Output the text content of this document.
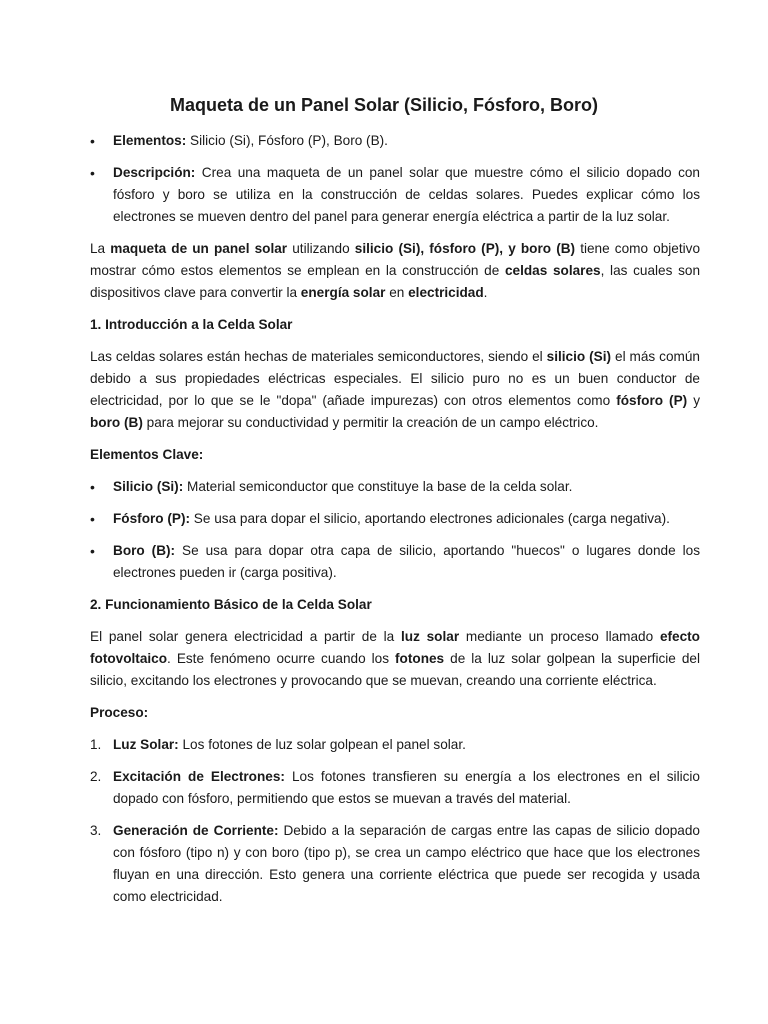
Maqueta de un Panel Solar (Silicio, Fósforo, Boro)
• Elementos: Silicio (Si), Fósforo (P), Boro (B).
• Descripción: Crea una maqueta de un panel solar que muestre cómo el silicio dopado con fósforo y boro se utiliza en la construcción de celdas solares. Puedes explicar cómo los electrones se mueven dentro del panel para generar energía eléctrica a partir de la luz solar.

La maqueta de un panel solar utilizando silicio (Si), fósforo (P), y boro (B) tiene como objetivo mostrar cómo estos elementos se emplean en la construcción de celdas solares, las cuales son dispositivos clave para convertir la energía solar en electricidad.

1. Introducción a la Celda Solar

Las celdas solares están hechas de materiales semiconductores, siendo el silicio (Si) el más común debido a sus propiedades eléctricas especiales. El silicio puro no es un buen conductor de electricidad, por lo que se le "dopa" (añade impurezas) con otros elementos como fósforo (P) y boro (B) para mejorar su conductividad y permitir la creación de un campo eléctrico.

Elementos Clave:
• Silicio (Si): Material semiconductor que constituye la base de la celda solar.
• Fósforo (P): Se usa para dopar el silicio, aportando electrones adicionales (carga negativa).
• Boro (B): Se usa para dopar otra capa de silicio, aportando "huecos" o lugares donde los electrones pueden ir (carga positiva).
2. Funcionamiento Básico de la Celda Solar

El panel solar genera electricidad a partir de la luz solar mediante un proceso llamado efecto fotovoltaico. Este fenómeno ocurre cuando los fotones de la luz solar golpean la superficie del silicio, excitando los electrones y provocando que se muevan, creando una corriente eléctrica.

Proceso:
1. Luz Solar: Los fotones de luz solar golpean el panel solar.
2. Excitación de Electrones: Los fotones transfieren su energía a los electrones en el silicio dopado con fósforo, permitiendo que estos se muevan a través del material.
3. Generación de Corriente: Debido a la separación de cargas entre las capas de silicio dopado con fósforo (tipo n) y con boro (tipo p), se crea un campo eléctrico que hace que los electrones fluyan en una dirección. Esto genera una corriente eléctrica que puede ser recogida y usada como electricidad.
